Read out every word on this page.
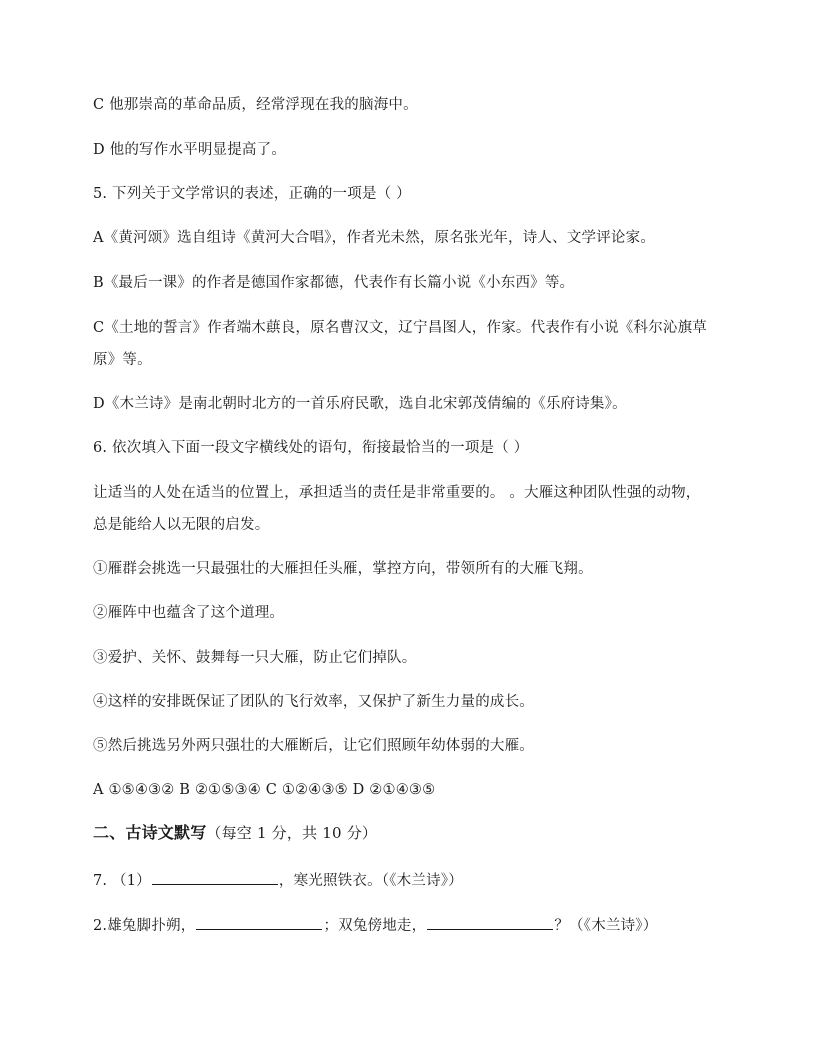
C 他那崇高的革命品质，经常浮现在我的脑海中。
D 他的写作水平明显提高了。
5. 下列关于文学常识的表述，正确的一项是（ ）
A《黄河颂》选自组诗《黄河大合唱》，作者光未然，原名张光年，诗人、文学评论家。
B《最后一课》的作者是德国作家都德，代表作有长篇小说《小东西》等。
C《土地的誓言》作者端木蕻良，原名曹汉文，辽宁昌图人，作家。代表作有小说《科尔沁旗草原》等。
D《木兰诗》是南北朝时北方的一首乐府民歌，选自北宋郭茂倩编的《乐府诗集》。
6. 依次填入下面一段文字横线处的语句，衔接最恰当的一项是（ ）
让适当的人处在适当的位置上，承担适当的责任是非常重要的。 。大雁这种团队性强的动物，总是能给人以无限的启发。
①雁群会挑选一只最强壮的大雁担任头雁，掌控方向，带领所有的大雁飞翔。
②雁阵中也蕴含了这个道理。
③爱护、关怀、鼓舞每一只大雁，防止它们掉队。
④这样的安排既保证了团队的飞行效率，又保护了新生力量的成长。
⑤然后挑选另外两只强壮的大雁断后，让它们照顾年幼体弱的大雁。
A ①⑤④③② B ②①⑤③④ C ①②④③⑤ D ②①④③⑤
二、古诗文默写（每空 1 分，共 10 分）
7. （1）	，寒光照铁衣。（《木兰诗》）
2.雄兔脚扑朔，	；双兔傍地走，	？（《木兰诗》）
